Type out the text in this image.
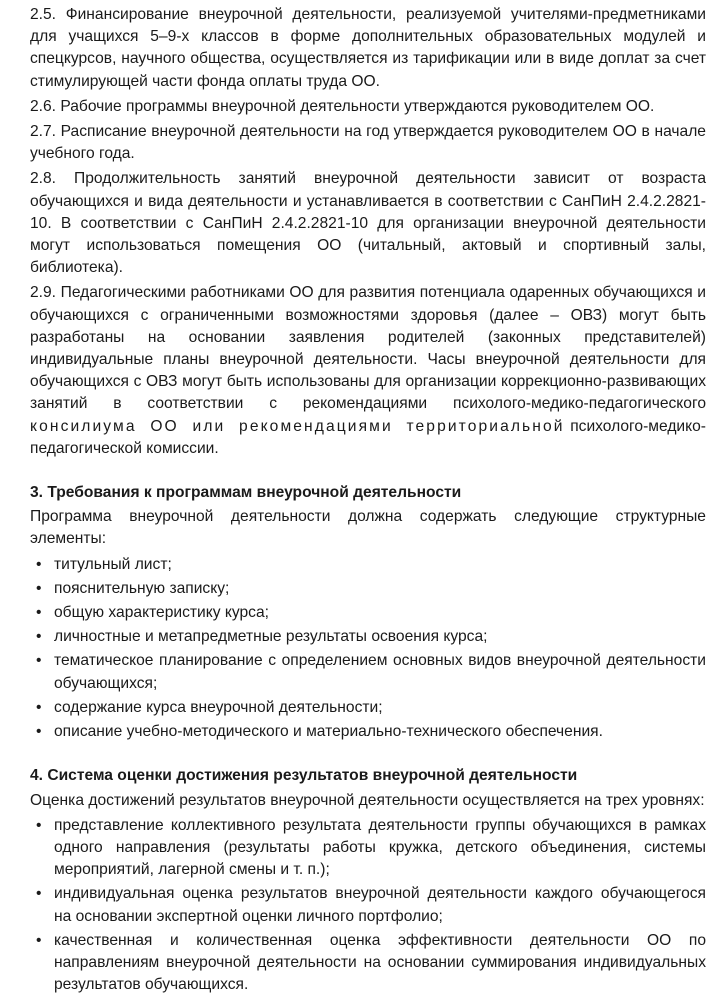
2.5. Финансирование внеурочной деятельности, реализуемой учителями-предметниками для учащихся 5–9-х классов в форме дополнительных образовательных модулей и спецкурсов, научного общества, осуществляется из тарификации или в виде доплат за счет стимулирующей части фонда оплаты труда ОО.

2.6. Рабочие программы внеурочной деятельности утверждаются руководителем ОО.

2.7. Расписание внеурочной деятельности на год утверждается руководителем ОО в начале учебного года.

2.8. Продолжительность занятий внеурочной деятельности зависит от возраста обучающихся и вида деятельности и устанавливается в соответствии с СанПиН 2.4.2.2821-10. В соответствии с СанПиН 2.4.2.2821-10 для организации внеурочной деятельности могут использоваться помещения ОО (читальный, актовый и спортивный залы, библиотека).

2.9. Педагогическими работниками ОО для развития потенциала одаренных обучающихся и обучающихся с ограниченными возможностями здоровья (далее – ОВЗ) могут быть разработаны на основании заявления родителей (законных представителей) индивидуальные планы внеурочной деятельности. Часы внеурочной деятельности для обучающихся с ОВЗ могут быть использованы для организации коррекционно-развивающих занятий в соответствии с рекомендациями психолого-медико-педагогического консилиума ОО или рекомендациями территориальной психолого-медико-педагогической комиссии.

3. Требования к программам внеурочной деятельности

Программа внеурочной деятельности должна содержать следующие структурные элементы:

• титульный лист;
• пояснительную записку;
• общую характеристику курса;
• личностные и метапредметные результаты освоения курса;
• тематическое планирование с определением основных видов внеурочной деятельности обучающихся;
• содержание курса внеурочной деятельности;
• описание учебно-методического и материально-технического обеспечения.
4. Система оценки достижения результатов внеурочной деятельности

Оценка достижений результатов внеурочной деятельности осуществляется на трех уровнях:

• представление коллективного результата деятельности группы обучающихся в рамках одного направления (результаты работы кружка, детского объединения, системы мероприятий, лагерной смены и т. п.);
• индивидуальная оценка результатов внеурочной деятельности каждого обучающегося на основании экспертной оценки личного портфолио;
• качественная и количественная оценка эффективности деятельности ОО по направлениям внеурочной деятельности на основании суммирования индивидуальных результатов обучающихся.
